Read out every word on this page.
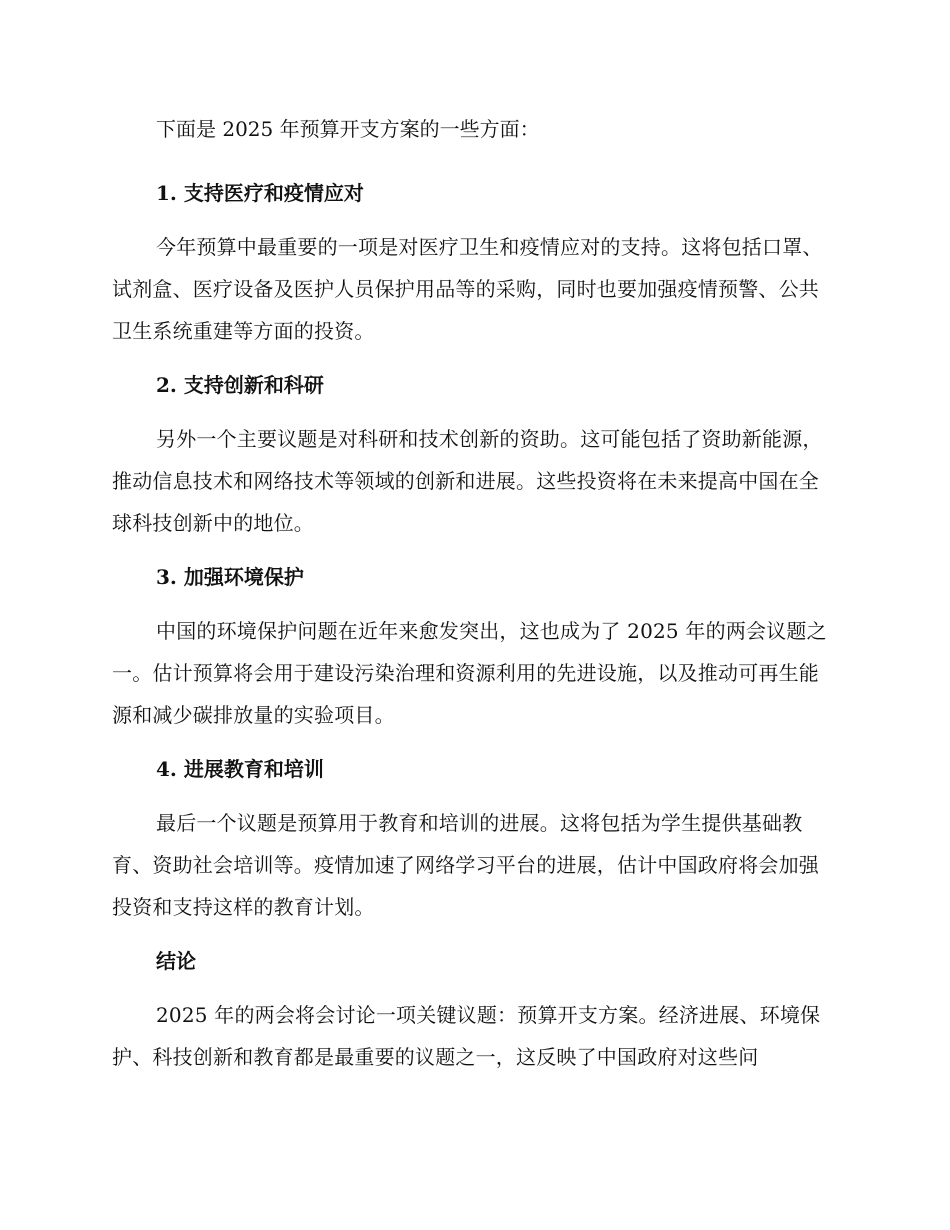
下面是 2025 年预算开支方案的一些方面：

1. 支持医疗和疫情应对

今年预算中最重要的一项是对医疗卫生和疫情应对的支持。这将包括口罩、试剂盒、医疗设备及医护人员保护用品等的采购，同时也要加强疫情预警、公共卫生系统重建等方面的投资。

2. 支持创新和科研

另外一个主要议题是对科研和技术创新的资助。这可能包括了资助新能源，推动信息技术和网络技术等领域的创新和进展。这些投资将在未来提高中国在全球科技创新中的地位。

3. 加强环境保护

中国的环境保护问题在近年来愈发突出，这也成为了 2025 年的两会议题之一。估计预算将会用于建设污染治理和资源利用的先进设施，以及推动可再生能源和减少碳排放量的实验项目。

4. 进展教育和培训

最后一个议题是预算用于教育和培训的进展。这将包括为学生提供基础教育、资助社会培训等。疫情加速了网络学习平台的进展，估计中国政府将会加强投资和支持这样的教育计划。

结论

2025 年的两会将会讨论一项关键议题：预算开支方案。经济进展、环境保护、科技创新和教育都是最重要的议题之一，这反映了中国政府对这些问
